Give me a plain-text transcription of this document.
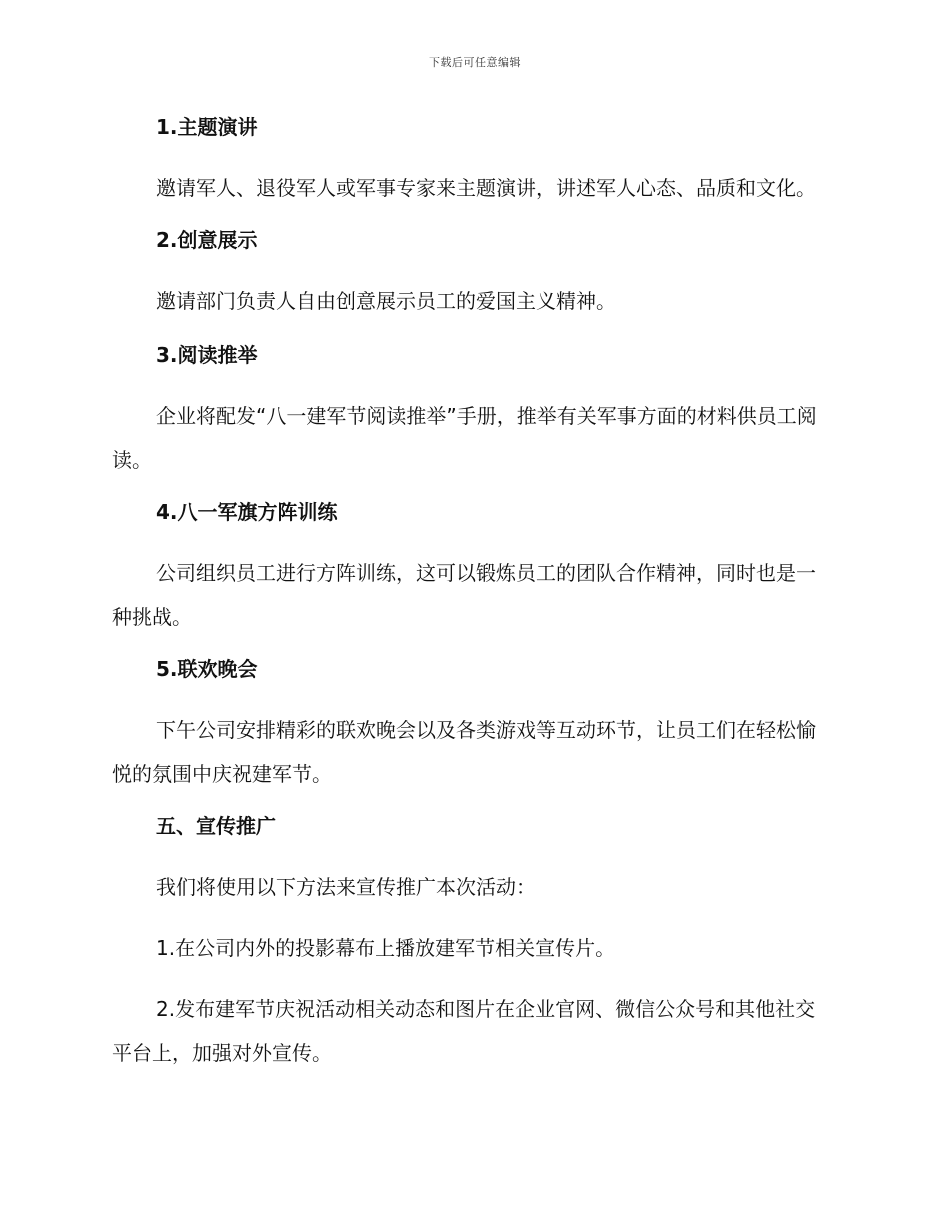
下载后可任意编辑
1.主题演讲

邀请军人、退役军人或军事专家来主题演讲，讲述军人心态、品质和文化。

2.创意展示

邀请部门负责人自由创意展示员工的爱国主义精神。

3.阅读推举

企业将配发“八一建军节阅读推举”手册，推举有关军事方面的材料供员工阅读。

4.八一军旗方阵训练

公司组织员工进行方阵训练，这可以锻炼员工的团队合作精神，同时也是一种挑战。

5.联欢晚会

下午公司安排精彩的联欢晚会以及各类游戏等互动环节，让员工们在轻松愉悦的氛围中庆祝建军节。

五、宣传推广

我们将使用以下方法来宣传推广本次活动：

1.在公司内外的投影幕布上播放建军节相关宣传片。

2.发布建军节庆祝活动相关动态和图片在企业官网、微信公众号和其他社交平台上，加强对外宣传。
